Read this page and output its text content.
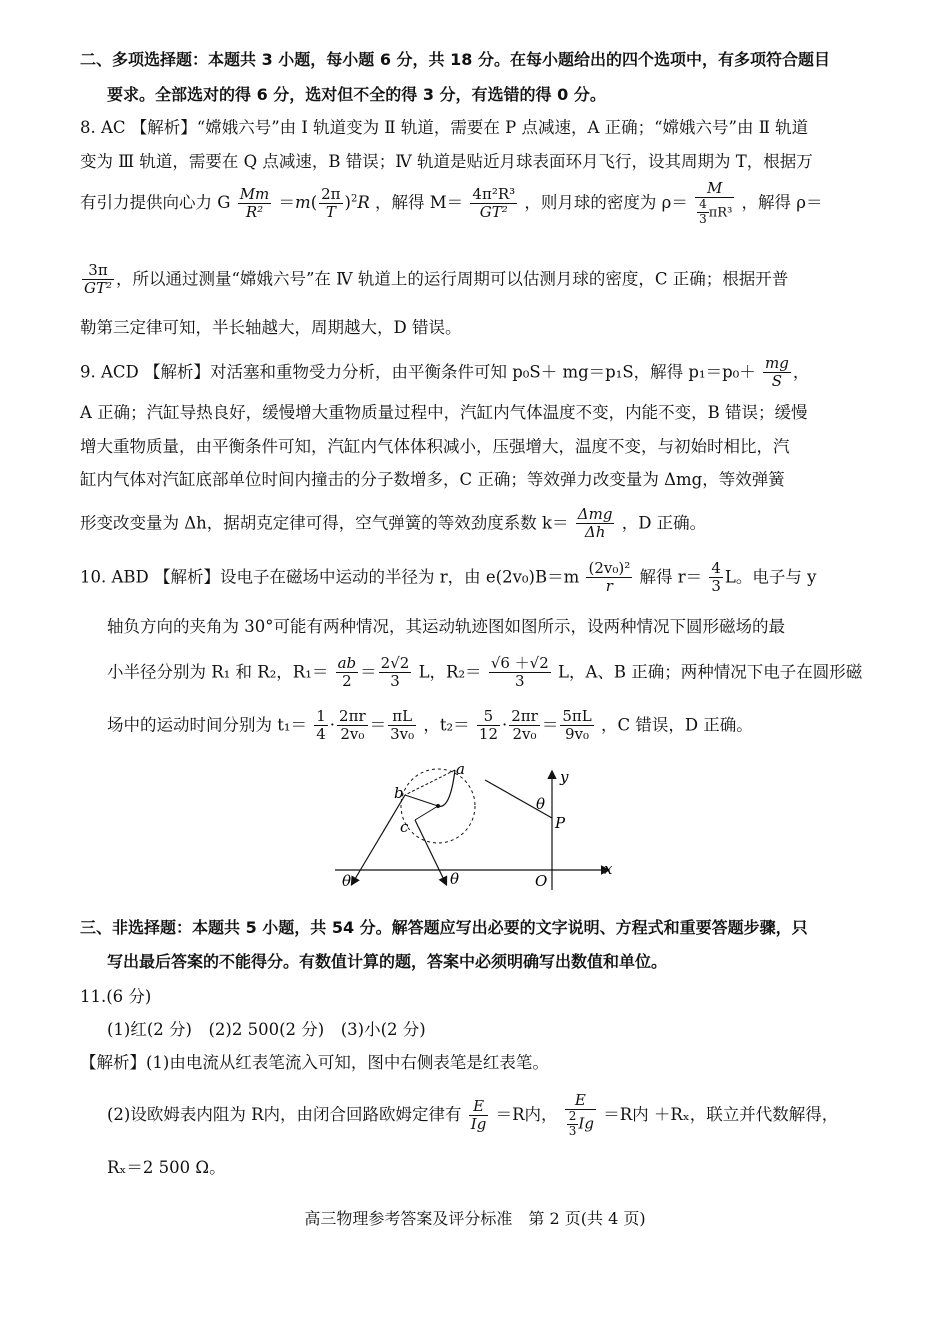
二、多项选择题：本题共 3 小题，每小题 6 分，共 18 分。在每小题给出的四个选项中，有多项符合题目
要求。全部选对的得 6 分，选对但不全的得 3 分，有选错的得 0 分。
8. AC 【解析】“嫦娥六号”由 Ⅰ 轨道变为 Ⅱ 轨道，需要在 P 点减速，A 正确；“嫦娥六号”由 Ⅱ 轨道
变为 Ⅲ 轨道，需要在 Q 点减速，B 错误；Ⅳ 轨道是贴近月球表面环月飞行，设其周期为 T，根据万
有引力提供向心力 G $\frac{Mm}{\text{R²}} =m( \frac{2\pi}{T} )^2R$ ，解得 $M= \frac{\text{4π²R³}}{\text{GT²}}$ ，则月球的密度为 $\rho= \frac{M}{\frac{4}{3} \pi R^3}$ ，解得 ρ＝
$\frac{3\pi}{\text{GT²}}$ ，所以通过测量“嫦娥六号”在 Ⅳ 轨道上的运行周期可以估测月球的密度，C 正确；根据开普
勒第三定律可知，半长轴越大，周期越大，D 错误。
9. ACD 【解析】对活塞和重物受力分析，由平衡条件可知 p₀S＋ mg＝p₁S，解得 $p_1=p_0+ \frac{mg}{S}$ ，
A 正确；汽缸导热良好，缓慢增大重物质量过程中，汽缸内气体温度不变，内能不变，B 错误；缓慢
增大重物质量，由平衡条件可知，汽缸内气体体积减小，压强增大，温度不变，与初始时相比，汽
缸内气体对汽缸底部单位时间内撞击的分子数增多，C 正确；等效弹力改变量为 Δmg，等效弹簧
形变改变量为 Δh，据胡克定律可得，空气弹簧的等效劲度系数 $k= \frac{\text{Δmg}}{\Delta h}$ ，D 正确。
10. ABD 【解析】设电子在磁场中运动的半径为 r，由 $e(2v_0)B=m \frac{\text{(2v₀)²}}{r}$ 解得 $r= \frac{4}{3}$ L。电子与 y
轴负方向的夹角为 30°可能有两种情况，其运动轨迹图如图所示，设两种情况下圆形磁场的最
小半径分别为 R₁ 和 R₂，$R_1= \frac{ab}{2} = \frac{2√2}{3}$ L，$R_2= \frac{√6 +√2}{3}$ L，A、B 正确；两种情况下电子在圆形磁
场中的运动时间分别为 $t_1= \frac{1}{4} \cdot \frac{2\pi r}{\text{2v₀}} = \frac{\pi L}{\text{3v₀}}$ ，$t_2= \frac{5}{12} \cdot \frac{2\pi r}{\text{2v₀}} = \frac{5\pi L}{\text{9v₀}}$ ，C 错误，D 正确。
a
b
c
y
x
P
O
θ
θ	θ
三、非选择题：本题共 5 小题，共 54 分。解答题应写出必要的文字说明、方程式和重要答题步骤，只
写出最后答案的不能得分。有数值计算的题，答案中必须明确写出数值和单位。
11.(6 分)
(1)红(2 分)　(2)2 500(2 分)　(3)小(2 分)
【解析】(1)由电流从红表笔流入可知，图中右侧表笔是红表笔。
(2)设欧姆表内阻为 R内，由闭合回路欧姆定律有 $\frac{E}{Ig} =R$内， $\frac{E}{\frac{2}{3} Ig} =R$内 ＋Rₓ，联立并代数解得，
Rₓ＝2 500 Ω。
高三物理参考答案及评分标准　第 2 页(共 4 页)
